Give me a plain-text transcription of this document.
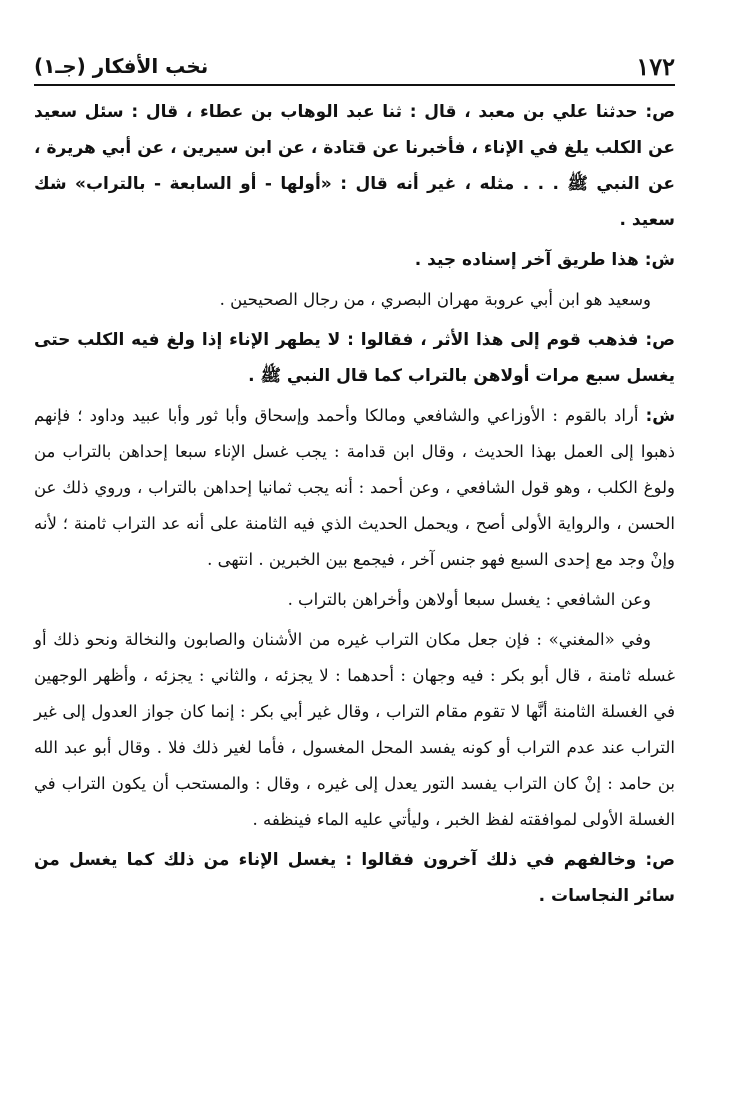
١٧٢
نخب الأفكار (جـ١)

ص: حدثنا علي بن معبد ، قال : ثنا عبد الوهاب بن عطاء ، قال : سئل سعيد عن الكلب يلغ في الإناء ، فأخبرنا عن قتادة ، عن ابن سيرين ، عن أبي هريرة ، عن النبي ﷺ . . . مثله ، غير أنه قال : «أولها - أو السابعة - بالتراب» شك سعيد .

ش: هذا طريق آخر إسناده جيد .

وسعيد هو ابن أبي عروبة مهران البصري ، من رجال الصحيحين .

ص: فذهب قوم إلى هذا الأثر ، فقالوا : لا يطهر الإناء إذا ولغ فيه الكلب حتى يغسل سبع مرات أولاهن بالتراب كما قال النبي ﷺ .

ش: أراد بالقوم : الأوزاعي والشافعي ومالكا وأحمد وإسحاق وأبا ثور وأبا عبيد وداود ؛ فإنهم ذهبوا إلى العمل بهذا الحديث ، وقال ابن قدامة : يجب غسل الإناء سبعا إحداهن بالتراب من ولوغ الكلب ، وهو قول الشافعي ، وعن أحمد : أنه يجب ثمانيا إحداهن بالتراب ، وروي ذلك عن الحسن ، والرواية الأولى أصح ، ويحمل الحديث الذي فيه الثامنة على أنه عد التراب ثامنة ؛ لأنه وإنْ وجد مع إحدى السبع فهو جنس آخر ، فيجمع بين الخبرين . انتهى .

وعن الشافعي : يغسل سبعا أولاهن وأخراهن بالتراب .

وفي «المغني» : فإن جعل مكان التراب غيره من الأشنان والصابون والنخالة ونحو ذلك أو غسله ثامنة ، قال أبو بكر : فيه وجهان : أحدهما : لا يجزئه ، والثاني : يجزئه ، وأظهر الوجهين في الغسلة الثامنة أنَّها لا تقوم مقام التراب ، وقال غير أبي بكر : إنما كان جواز العدول إلى غير التراب عند عدم التراب أو كونه يفسد المحل المغسول ، فأما لغير ذلك فلا . وقال أبو عبد الله بن حامد : إنْ كان التراب يفسد التور يعدل إلى غيره ، وقال : والمستحب أن يكون التراب في الغسلة الأولى لموافقته لفظ الخبر ، وليأتي عليه الماء فينظفه .

ص: وخالفهم في ذلك آخرون فقالوا : يغسل الإناء من ذلك كما يغسل من سائر النجاسات .
